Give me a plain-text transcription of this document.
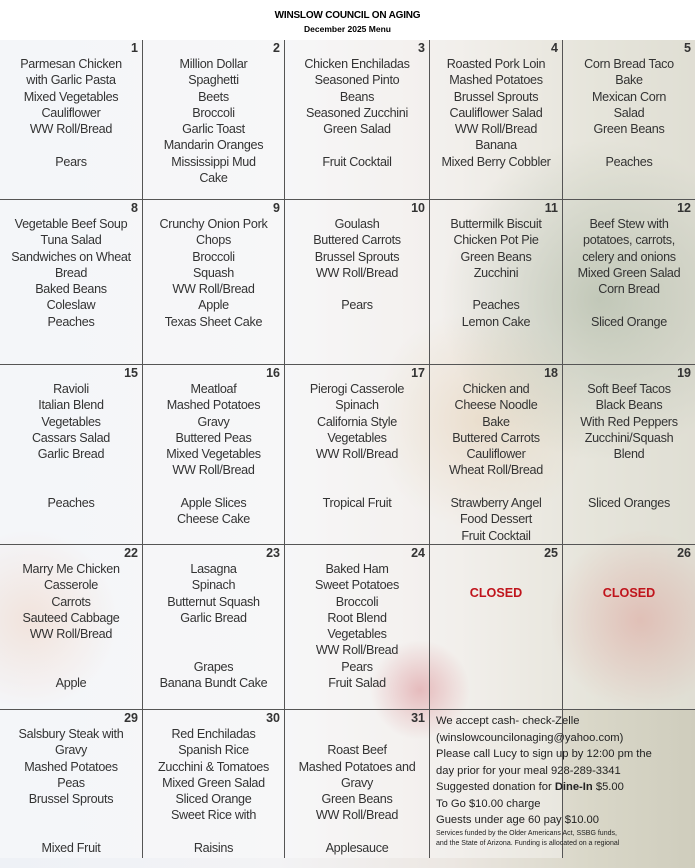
WINSLOW COUNCIL ON AGING
December 2025 Menu
1
Parmesan Chicken
with Garlic Pasta
Mixed Vegetables
Cauliflower
WW Roll/Bread
Pears
2
Million Dollar
Spaghetti
Beets
Broccoli
Garlic Toast
Mandarin Oranges
Mississippi Mud
Cake
3
Chicken Enchiladas
Seasoned Pinto
Beans
Seasoned Zucchini
Green Salad
Fruit Cocktail
4
Roasted Pork Loin
Mashed Potatoes
Brussel Sprouts
Cauliflower Salad
WW Roll/Bread
Banana
Mixed Berry Cobbler
5
Corn Bread Taco
Bake
Mexican Corn
Salad
Green Beans
Peaches
8
Vegetable Beef Soup
Tuna Salad
Sandwiches on Wheat
Bread
Baked Beans
Coleslaw
Peaches
9
Crunchy Onion Pork
Chops
Broccoli
Squash
WW Roll/Bread
Apple
Texas Sheet Cake
10
Goulash
Buttered Carrots
Brussel Sprouts
WW Roll/Bread
Pears
11
Buttermilk Biscuit
Chicken Pot Pie
Green Beans
Zucchini
Peaches
Lemon Cake
12
Beef Stew with
potatoes, carrots,
celery and onions
Mixed Green Salad
Corn Bread
Sliced Orange
15
Ravioli
Italian Blend
Vegetables
Cassars Salad
Garlic Bread
Peaches
16
Meatloaf
Mashed Potatoes
Gravy
Buttered Peas
Mixed Vegetables
WW Roll/Bread
Apple Slices
Cheese Cake
17
Pierogi Casserole
Spinach
California Style
Vegetables
WW Roll/Bread
Tropical Fruit
18
Chicken and
Cheese Noodle
Bake
Buttered Carrots
Cauliflower
Wheat Roll/Bread
Strawberry Angel
Food Dessert
Fruit Cocktail
19
Soft Beef Tacos
Black Beans
With Red Peppers
Zucchini/Squash
Blend
Sliced Oranges
22
Marry Me Chicken
Casserole
Carrots
Sauteed Cabbage
WW Roll/Bread
Apple
23
Lasagna
Spinach
Butternut Squash
Garlic Bread
Grapes
Banana Bundt Cake
24
Baked Ham
Sweet Potatoes
Broccoli
Root Blend
Vegetables
WW Roll/Bread
Pears
Fruit Salad
25
CLOSED
26
CLOSED
29
Salsbury Steak with
Gravy
Mashed Potatoes
Peas
Brussel Sprouts
Mixed Fruit
30
Red Enchiladas
Spanish Rice
Zucchini & Tomatoes
Mixed Green Salad
Sliced Orange
Sweet Rice with
Raisins
31
Roast Beef
Mashed Potatoes and
Gravy
Green Beans
WW Roll/Bread
Applesauce
We accept cash- check-Zelle
(winslowcouncilonaging@yahoo.com)
Please call Lucy to sign up by 12:00 pm the
day prior for your meal 928-289-3341
Suggested donation for Dine-In $5.00
To Go $10.00 charge
Guests under age 60 pay $10.00
Services funded by the Older Americans Act, SSBG funds,
and the State of Arizona. Funding is allocated on a regional
